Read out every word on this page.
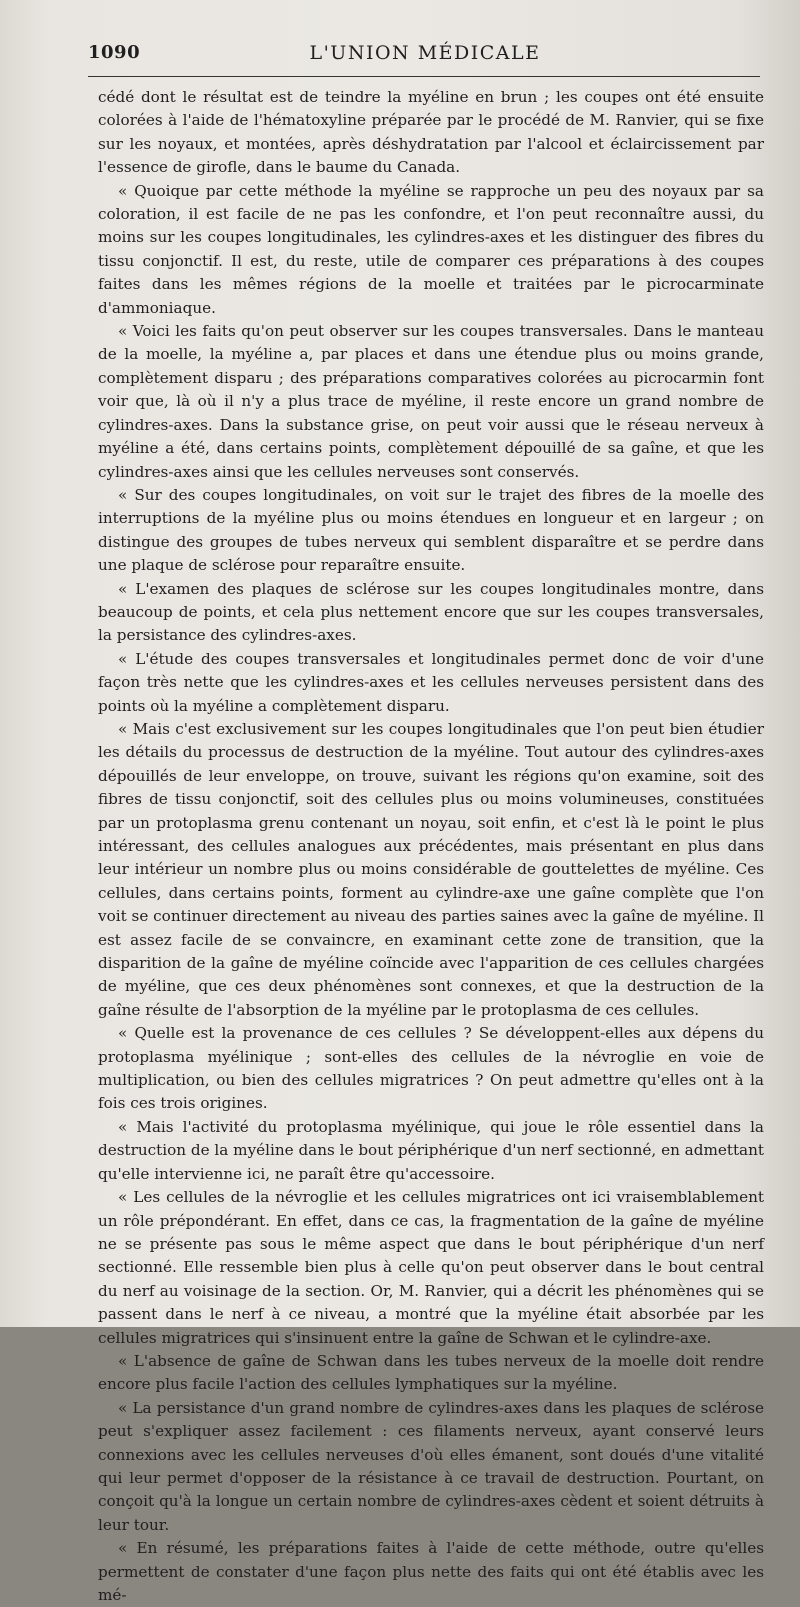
1090	L'UNION MÉDICALE

cédé dont le résultat est de teindre la myéline en brun ; les coupes ont été ensuite colorées à l'aide de l'hématoxyline préparée par le procédé de M. Ranvier, qui se fixe sur les noyaux, et montées, après déshydratation par l'alcool et éclaircissement par l'essence de girofle, dans le baume du Canada.

« Quoique par cette méthode la myéline se rapproche un peu des noyaux par sa coloration, il est facile de ne pas les confondre, et l'on peut reconnaître aussi, du moins sur les coupes longitudinales, les cylindres-axes et les distinguer des fibres du tissu conjonctif. Il est, du reste, utile de comparer ces préparations à des coupes faites dans les mêmes régions de la moelle et traitées par le picrocarminate d'ammoniaque.

« Voici les faits qu'on peut observer sur les coupes transversales. Dans le manteau de la moelle, la myéline a, par places et dans une étendue plus ou moins grande, complètement disparu ; des préparations comparatives colorées au picrocarmin font voir que, là où il n'y a plus trace de myéline, il reste encore un grand nombre de cylindres-axes. Dans la substance grise, on peut voir aussi que le réseau nerveux à myéline a été, dans certains points, complètement dépouillé de sa gaîne, et que les cylindres-axes ainsi que les cellules nerveuses sont conservés.

« Sur des coupes longitudinales, on voit sur le trajet des fibres de la moelle des interruptions de la myéline plus ou moins étendues en longueur et en largeur ; on distingue des groupes de tubes nerveux qui semblent disparaître et se perdre dans une plaque de sclérose pour reparaître ensuite.

« L'examen des plaques de sclérose sur les coupes longitudinales montre, dans beaucoup de points, et cela plus nettement encore que sur les coupes transversales, la persistance des cylindres-axes.

« L'étude des coupes transversales et longitudinales permet donc de voir d'une façon très nette que les cylindres-axes et les cellules nerveuses persistent dans des points où la myéline a complètement disparu.

« Mais c'est exclusivement sur les coupes longitudinales que l'on peut bien étudier les détails du processus de destruction de la myéline. Tout autour des cylindres-axes dépouillés de leur enveloppe, on trouve, suivant les régions qu'on examine, soit des fibres de tissu conjonctif, soit des cellules plus ou moins volumineuses, constituées par un protoplasma grenu contenant un noyau, soit enfin, et c'est là le point le plus intéressant, des cellules analogues aux précédentes, mais présentant en plus dans leur intérieur un nombre plus ou moins considérable de gouttelettes de myéline. Ces cellules, dans certains points, forment au cylindre-axe une gaîne complète que l'on voit se continuer directement au niveau des parties saines avec la gaîne de myéline. Il est assez facile de se convaincre, en examinant cette zone de transition, que la disparition de la gaîne de myéline coïncide avec l'apparition de ces cellules chargées de myéline, que ces deux phénomènes sont connexes, et que la destruction de la gaîne résulte de l'absorption de la myéline par le protoplasma de ces cellules.

« Quelle est la provenance de ces cellules ? Se développent-elles aux dépens du protoplasma myélinique ; sont-elles des cellules de la névroglie en voie de multiplication, ou bien des cellules migratrices ? On peut admettre qu'elles ont à la fois ces trois origines.

« Mais l'activité du protoplasma myélinique, qui joue le rôle essentiel dans la destruction de la myéline dans le bout périphérique d'un nerf sectionné, en admettant qu'elle intervienne ici, ne paraît être qu'accessoire.

« Les cellules de la névroglie et les cellules migratrices ont ici vraisemblablement un rôle prépondérant. En effet, dans ce cas, la fragmentation de la gaîne de myéline ne se présente pas sous le même aspect que dans le bout périphérique d'un nerf sectionné. Elle ressemble bien plus à celle qu'on peut observer dans le bout central du nerf au voisinage de la section. Or, M. Ranvier, qui a décrit les phénomènes qui se passent dans le nerf à ce niveau, a montré que la myéline était absorbée par les cellules migratrices qui s'insinuent entre la gaîne de Schwan et le cylindre-axe.

« L'absence de gaîne de Schwan dans les tubes nerveux de la moelle doit rendre encore plus facile l'action des cellules lymphatiques sur la myéline.

« La persistance d'un grand nombre de cylindres-axes dans les plaques de sclérose peut s'expliquer assez facilement : ces filaments nerveux, ayant conservé leurs connexions avec les cellules nerveuses d'où elles émanent, sont doués d'une vitalité qui leur permet d'opposer de la résistance à ce travail de destruction. Pourtant, on conçoit qu'à la longue un certain nombre de cylindres-axes cèdent et soient détruits à leur tour.

« En résumé, les préparations faites à l'aide de cette méthode, outre qu'elles permettent de constater d'une façon plus nette des faits qui ont été établis avec les mé-
